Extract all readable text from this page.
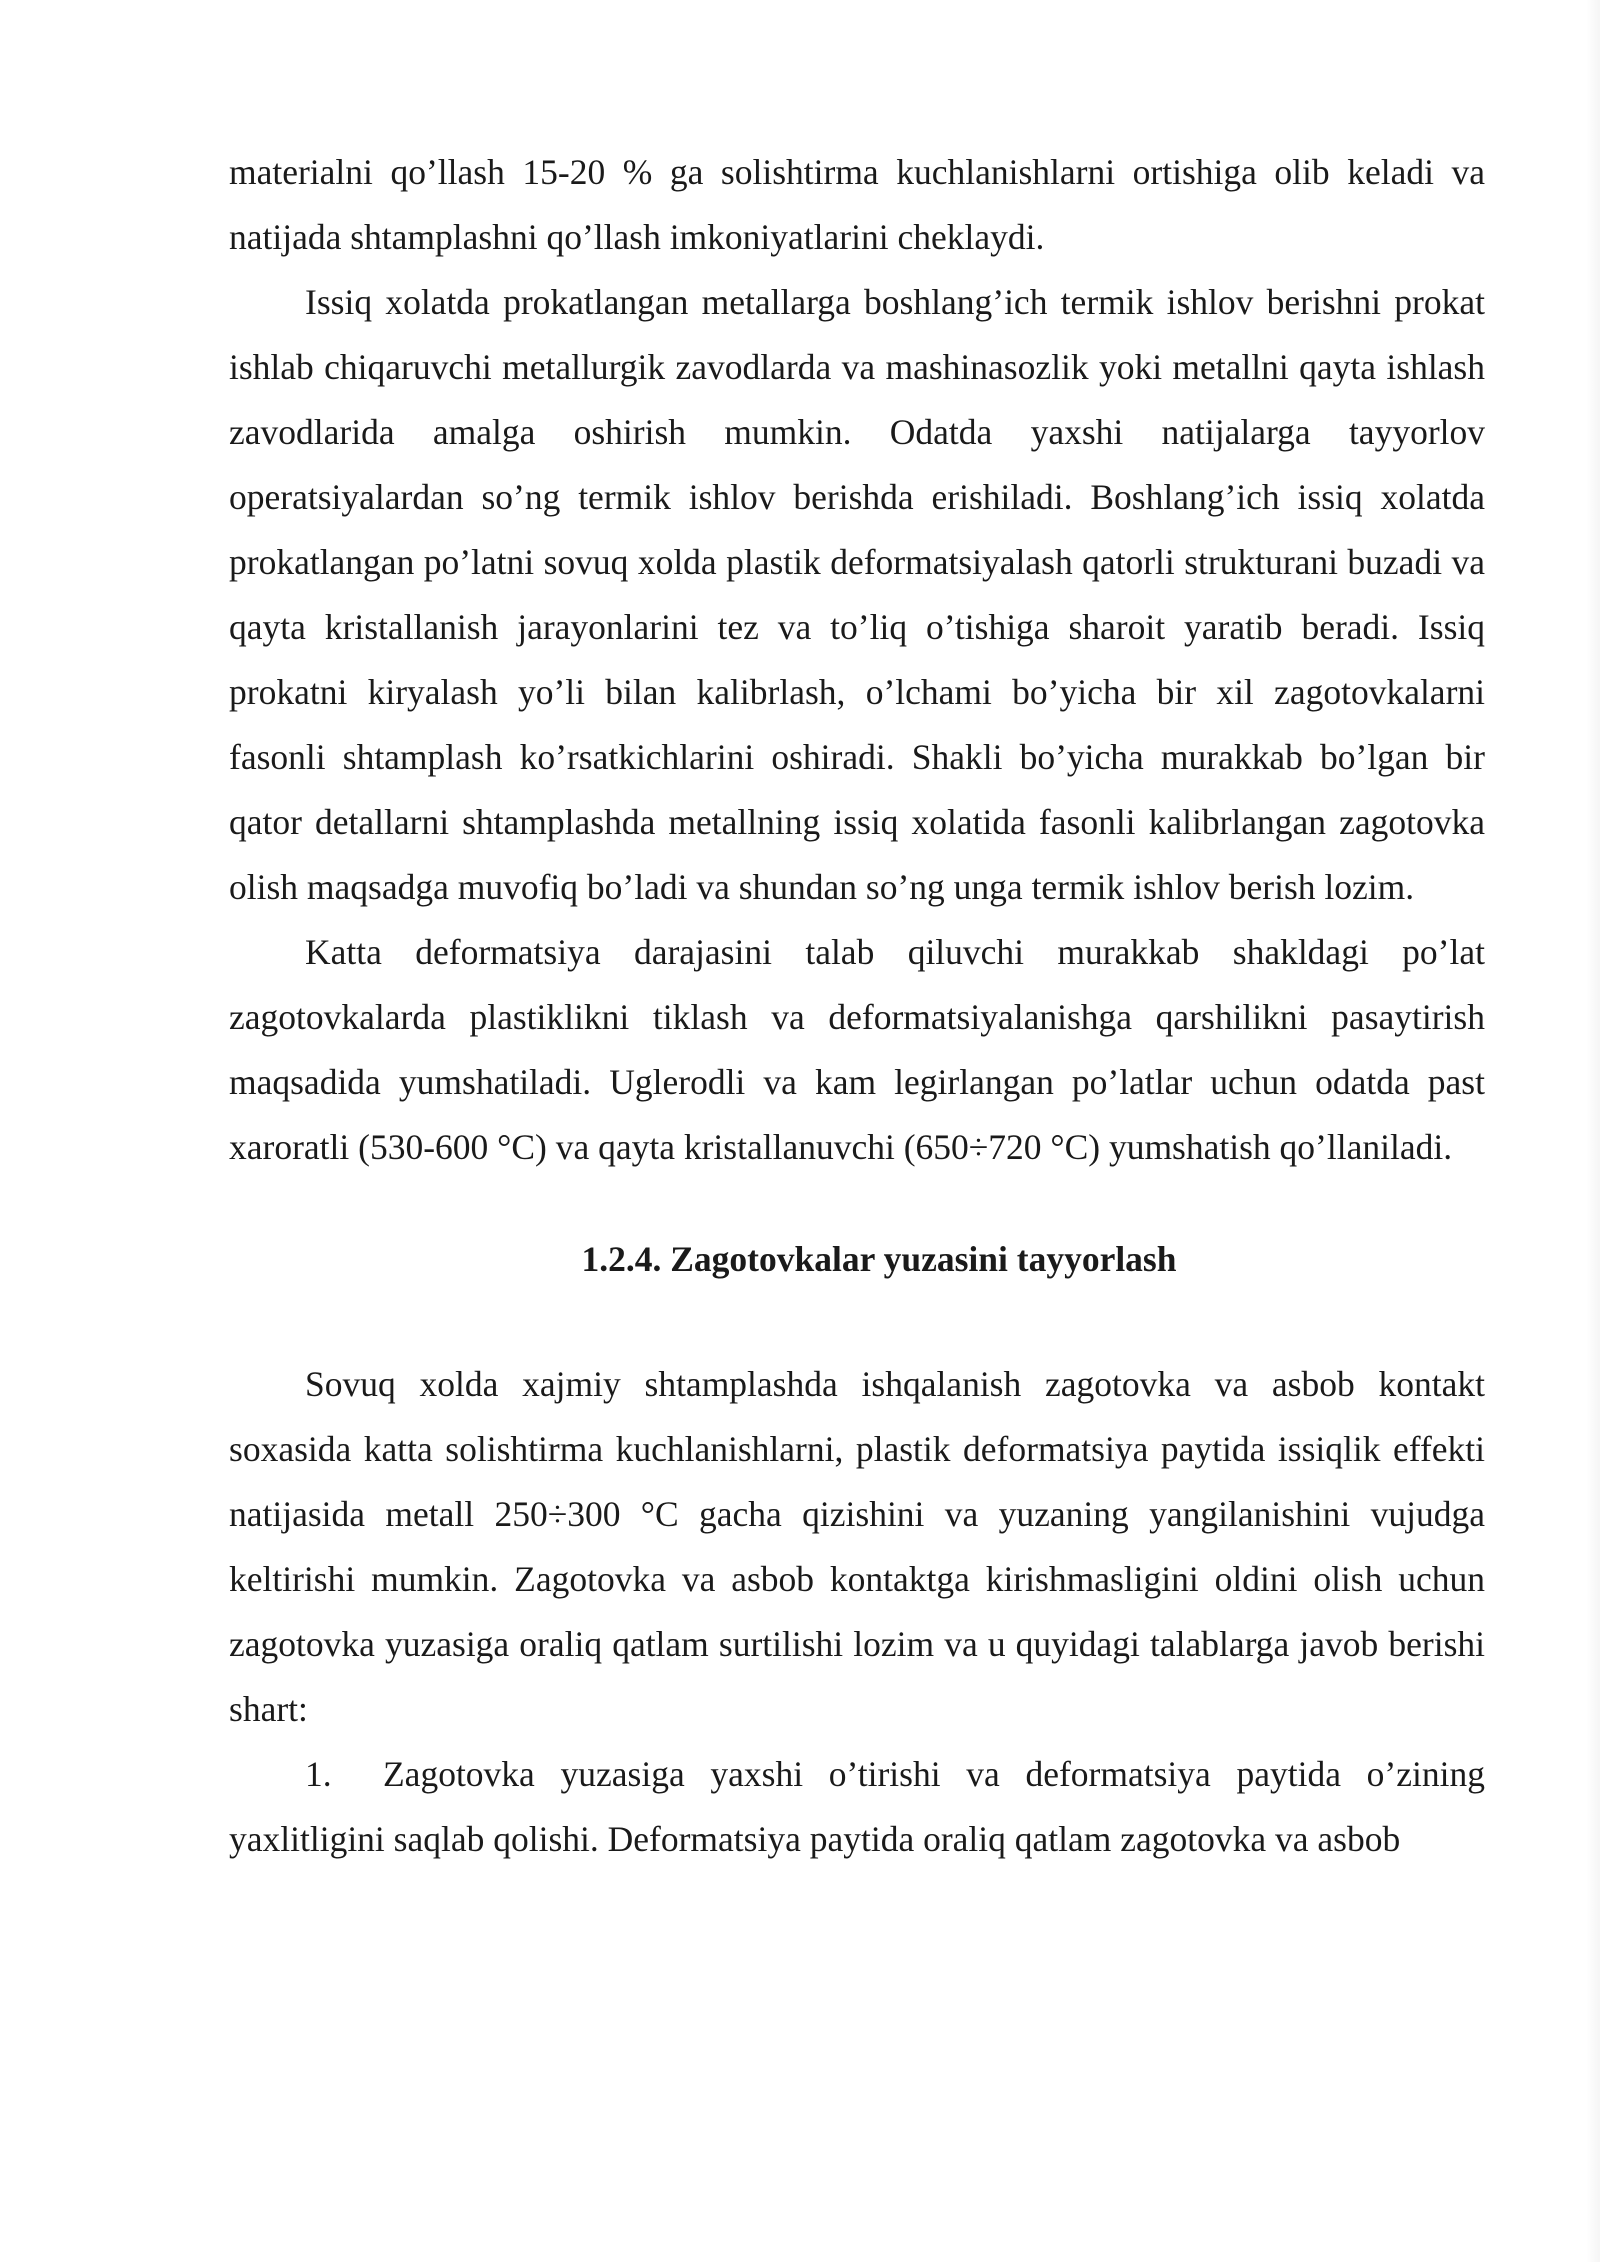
materialni qo’llash 15-20 % ga solishtirma kuchlanishlarni ortishiga olib keladi va natijada shtamplashni qo’llash imkoniyatlarini cheklaydi.

Issiq xolatda prokatlangan metallarga boshlang’ich termik ishlov berishni prokat ishlab chiqaruvchi metallurgik zavodlarda va mashinasozlik yoki metallni qayta ishlash zavodlarida amalga oshirish mumkin. Odatda yaxshi natijalarga tayyorlov operatsiyalardan so’ng termik ishlov berishda erishiladi. Boshlang’ich issiq xolatda prokatlangan po’latni sovuq xolda plastik deformatsiyalash qatorli strukturani buzadi va qayta kristallanish jarayonlarini tez va to’liq o’tishiga sharoit yaratib beradi. Issiq prokatni kiryalash yo’li bilan kalibrlash, o’lchami bo’yicha bir xil zagotovkalarni fasonli shtamplash ko’rsatkichlarini oshiradi. Shakli bo’yicha murakkab bo’lgan bir qator detallarni shtamplashda metallning issiq xolatida fasonli kalibrlangan zagotovka olish maqsadga muvofiq bo’ladi va shundan so’ng unga termik ishlov berish lozim.

Katta deformatsiya darajasini talab qiluvchi murakkab shakldagi po’lat zagotovkalarda plastiklikni tiklash va deformatsiyalanishga qarshilikni pasaytirish maqsadida yumshatiladi. Uglerodli va kam legirlangan po’latlar uchun odatda past xaroratli (530-600 °C) va qayta kristallanuvchi (650÷720 °C) yumshatish qo’llaniladi.

1.2.4. Zagotovkalar yuzasini tayyorlash

Sovuq xolda xajmiy shtamplashda ishqalanish zagotovka va asbob kontakt soxasida katta solishtirma kuchlanishlarni, plastik deformatsiya paytida issiqlik effekti natijasida metall 250÷300 °C gacha qizishini va yuzaning yangilanishini vujudga keltirishi mumkin. Zagotovka va asbob kontaktga kirishmasligini oldini olish uchun zagotovka yuzasiga oraliq qatlam surtilishi lozim va u quyidagi talablarga javob berishi shart:

1. Zagotovka yuzasiga yaxshi o’tirishi va deformatsiya paytida o’zining yaxlitligini saqlab qolishi. Deformatsiya paytida oraliq qatlam zagotovka va asbob
